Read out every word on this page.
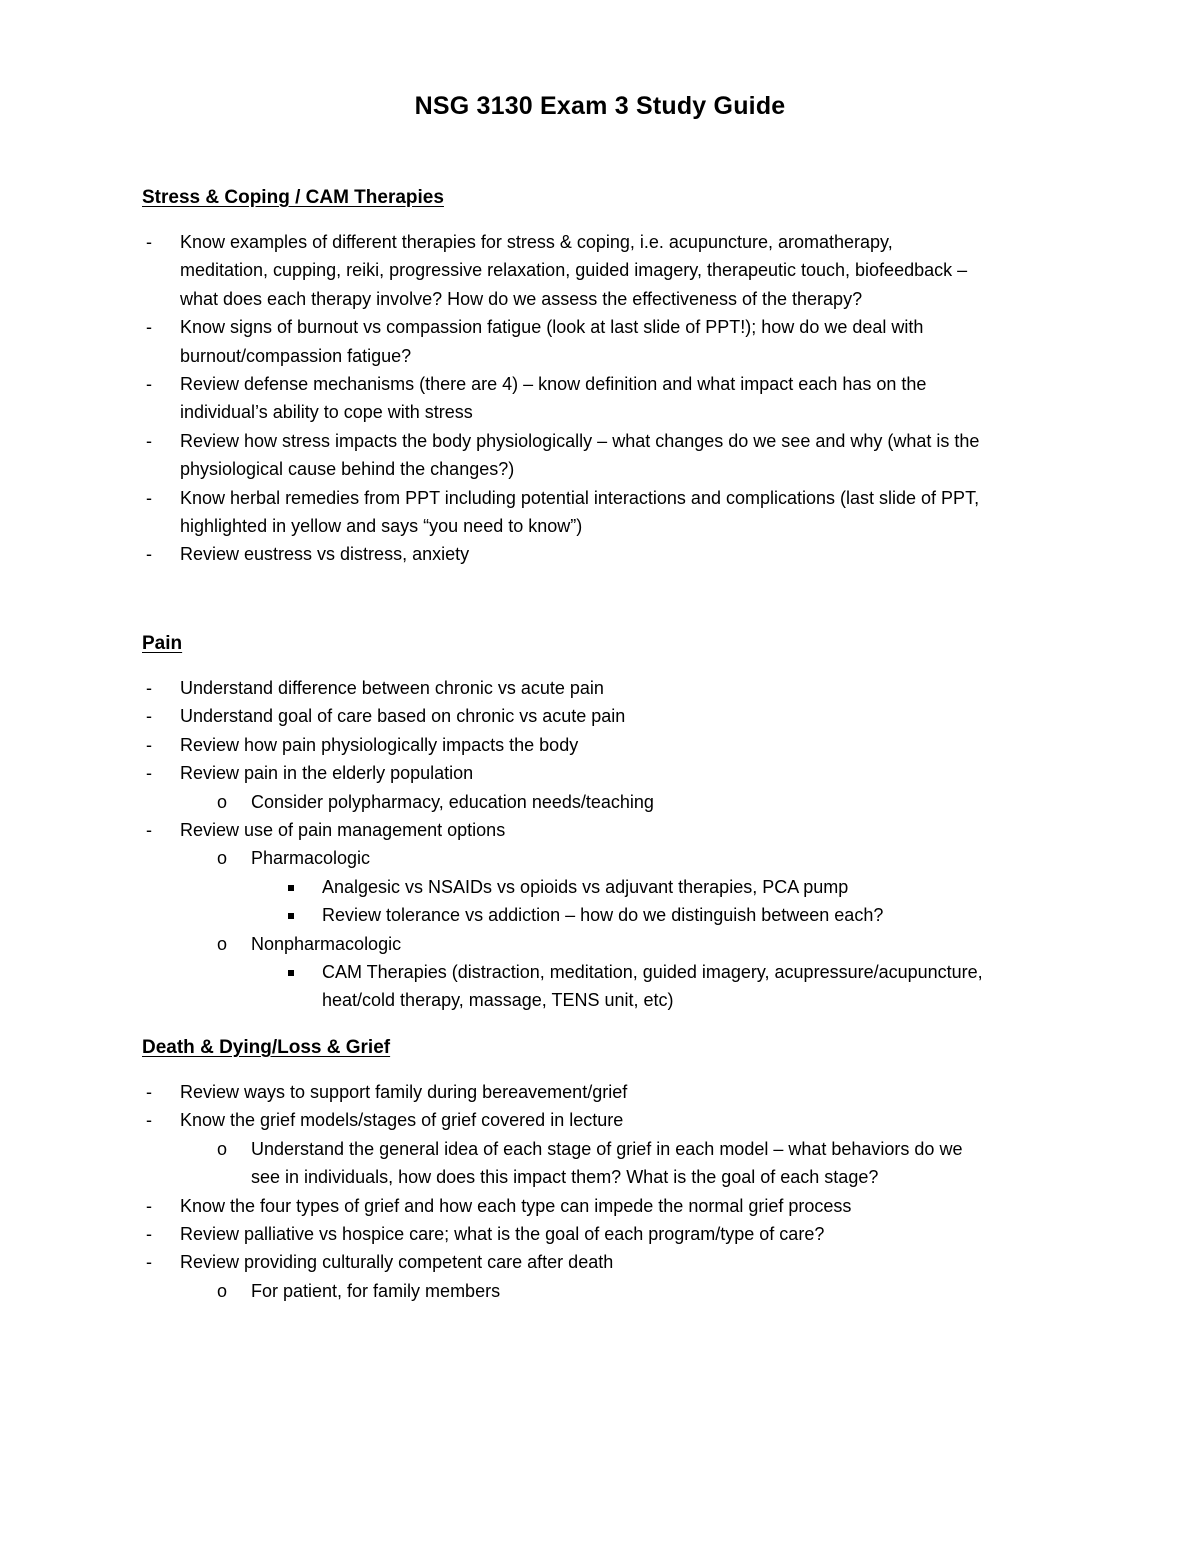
NSG 3130 Exam 3 Study Guide
Stress & Coping / CAM Therapies
- Know examples of different therapies for stress & coping, i.e. acupuncture, aromatherapy,
meditation, cupping, reiki, progressive relaxation, guided imagery, therapeutic touch, biofeedback –
what does each therapy involve? How do we assess the effectiveness of the therapy?
- Know signs of burnout vs compassion fatigue (look at last slide of PPT!); how do we deal with
burnout/compassion fatigue?
- Review defense mechanisms (there are 4) – know definition and what impact each has on the
individual’s ability to cope with stress
- Review how stress impacts the body physiologically – what changes do we see and why (what is the
physiological cause behind the changes?)
- Know herbal remedies from PPT including potential interactions and complications (last slide of PPT,
highlighted in yellow and says “you need to know”)
- Review eustress vs distress, anxiety
Pain
- Understand difference between chronic vs acute pain
- Understand goal of care based on chronic vs acute pain
- Review how pain physiologically impacts the body
- Review pain in the elderly population
o Consider polypharmacy, education needs/teaching
- Review use of pain management options
o Pharmacologic
Analgesic vs NSAIDs vs opioids vs adjuvant therapies, PCA pump
Review tolerance vs addiction – how do we distinguish between each?
o Nonpharmacologic
CAM Therapies (distraction, meditation, guided imagery, acupressure/acupuncture,
heat/cold therapy, massage, TENS unit, etc)
Death & Dying/Loss & Grief
- Review ways to support family during bereavement/grief
- Know the grief models/stages of grief covered in lecture
o Understand the general idea of each stage of grief in each model – what behaviors do we
see in individuals, how does this impact them? What is the goal of each stage?
- Know the four types of grief and how each type can impede the normal grief process
- Review palliative vs hospice care; what is the goal of each program/type of care?
- Review providing culturally competent care after death
o For patient, for family members
